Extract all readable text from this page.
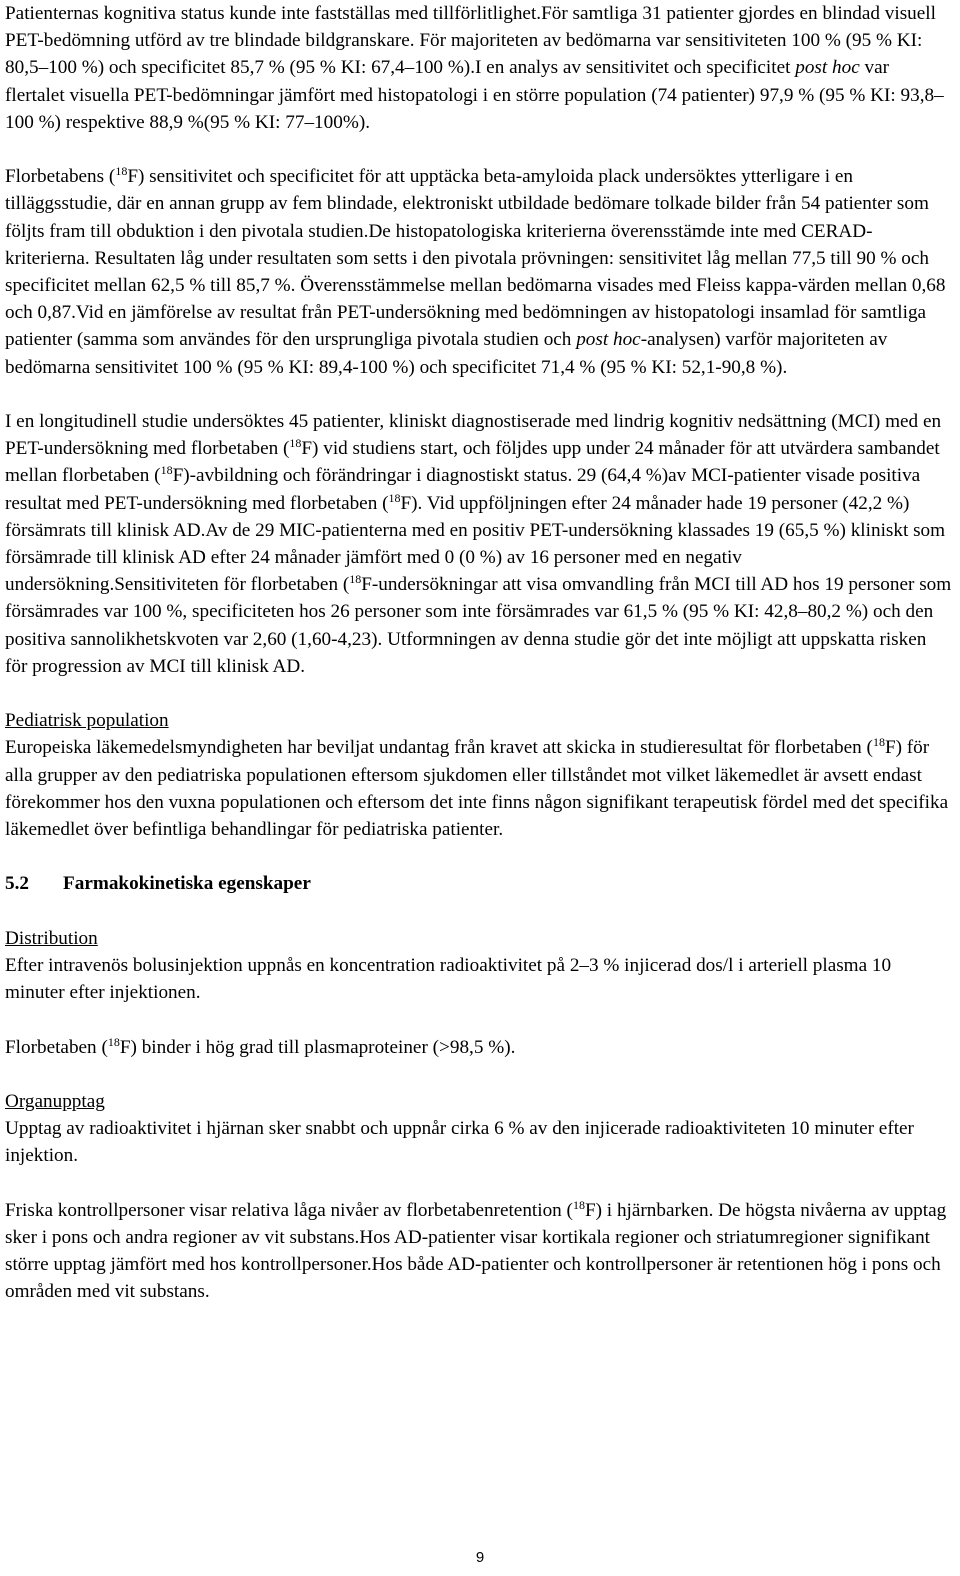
Patienternas kognitiva status kunde inte fastställas med tillförlitlighet.För samtliga 31 patienter gjordes en blindad visuell PET-bedömning utförd av tre blindade bildgranskare. För majoriteten av bedömarna var sensitiviteten 100 % (95 % KI: 80,5–100 %) och specificitet 85,7 % (95 % KI: 67,4–100 %).I en analys av sensitivitet och specificitet post hoc var flertalet visuella PET-bedömningar jämfört med histopatologi i en större population (74 patienter) 97,9 % (95 % KI: 93,8–100 %) respektive 88,9 %(95 % KI: 77–100%).

Florbetabens ($^{18}$F) sensitivitet och specificitet för att upptäcka beta-amyloida plack undersöktes ytterligare i en tilläggsstudie, där en annan grupp av fem blindade, elektroniskt utbildade bedömare tolkade bilder från 54 patienter som följts fram till obduktion i den pivotala studien.De histopatologiska kriterierna överensstämde inte med CERAD-kriterierna. Resultaten låg under resultaten som setts i den pivotala prövningen: sensitivitet låg mellan 77,5 till 90 % och specificitet mellan 62,5 % till 85,7 %. Överensstämmelse mellan bedömarna visades med Fleiss kappa-värden mellan 0,68 och 0,87.Vid en jämförelse av resultat från PET-undersökning med bedömningen av histopatologi insamlad för samtliga patienter (samma som användes för den ursprungliga pivotala studien och post hoc-analysen) varför majoriteten av bedömarna sensitivitet 100 % (95 % KI: 89,4-100 %) och specificitet 71,4 % (95 % KI: 52,1-90,8 %).

I en longitudinell studie undersöktes 45 patienter, kliniskt diagnostiserade med lindrig kognitiv nedsättning (MCI) med en PET-undersökning med florbetaben ($^{18}$F) vid studiens start, och följdes upp under 24 månader för att utvärdera sambandet mellan florbetaben ($^{18}$F)-avbildning och förändringar i diagnostiskt status. 29 (64,4 %)av MCI-patienter visade positiva resultat med PET-undersökning med florbetaben ($^{18}$F). Vid uppföljningen efter 24 månader hade 19 personer (42,2 %) försämrats till klinisk AD.Av de 29 MIC-patienterna med en positiv PET-undersökning klassades 19 (65,5 %) kliniskt som försämrade till klinisk AD efter 24 månader jämfört med 0 (0 %) av 16 personer med en negativ undersökning.Sensitiviteten för florbetaben ($^{18}$F-undersökningar att visa omvandling från MCI till AD hos 19 personer som försämrades var 100 %, specificiteten hos 26 personer som inte försämrades var 61,5 % (95 % KI: 42,8–80,2 %) och den positiva sannolikhetskvoten var 2,60 (1,60-4,23). Utformningen av denna studie gör det inte möjligt att uppskatta risken för progression av MCI till klinisk AD.

Pediatrisk population

Europeiska läkemedelsmyndigheten har beviljat undantag från kravet att skicka in studieresultat för florbetaben ($^{18}$F) för alla grupper av den pediatriska populationen eftersom sjukdomen eller tillståndet mot vilket läkemedlet är avsett endast förekommer hos den vuxna populationen och eftersom det inte finns någon signifikant terapeutisk fördel med det specifika läkemedlet över befintliga behandlingar för pediatriska patienter.

5.2 Farmakokinetiska egenskaper

Distribution

Efter intravenös bolusinjektion uppnås en koncentration radioaktivitet på 2–3 % injicerad dos/l i arteriell plasma 10 minuter efter injektionen.

Florbetaben ($^{18}$F) binder i hög grad till plasmaproteiner (>98,5 %).

Organupptag

Upptag av radioaktivitet i hjärnan sker snabbt och uppnår cirka 6 % av den injicerade radioaktiviteten 10 minuter efter injektion.

Friska kontrollpersoner visar relativa låga nivåer av florbetabenretention ($^{18}$F) i hjärnbarken. De högsta nivåerna av upptag sker i pons och andra regioner av vit substans.Hos AD-patienter visar kortikala regioner och striatumregioner signifikant större upptag jämfört med hos kontrollpersoner.Hos både AD-patienter och kontrollpersoner är retentionen hög i pons och områden med vit substans.

9
